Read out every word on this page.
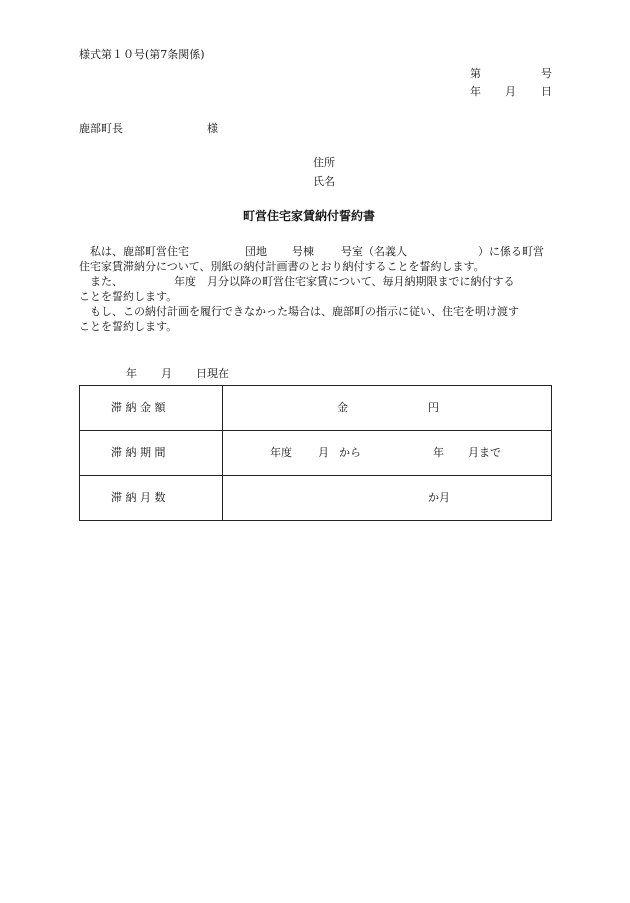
様式第１０号(第7条関係)
第	号
年 月 日
鹿部町長	様
住所
氏名
町営住宅家賃納付誓約書
私は、鹿部町営住宅	団地 号棟 号室（名義人	）に係る町営
住宅家賃滞納分について、別紙の納付計画書のとおり納付することを誓約します。
また、	年度 月分以降の町営住宅家賃について、毎月納期限までに納付する
ことを誓約します。
もし、この納付計画を履行できなかった場合は、鹿部町の指示に従い、住宅を明け渡す
ことを誓約します。
年 月 日現在
滞 納 金 額	金 円

滞 納 期 間	年度 月 から 年 月まで

滞 納 月 数	か月
